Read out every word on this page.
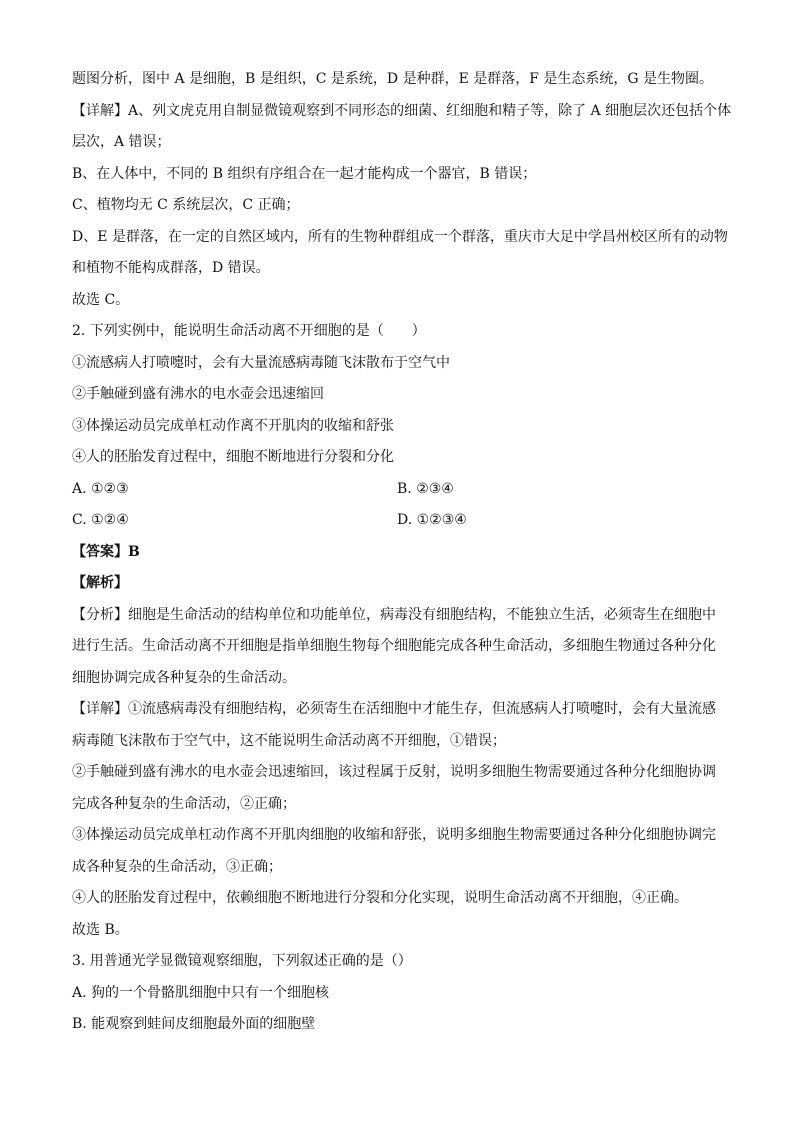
题图分析，图中 A 是细胞，B 是组织，C 是系统，D 是种群，E 是群落，F 是生态系统，G 是生物圈。
【详解】A、列文虎克用自制显微镜观察到不同形态的细菌、红细胞和精子等，除了 A 细胞层次还包括个体
层次，A 错误；
B、在人体中，不同的 B 组织有序组合在一起才能构成一个器官，B 错误；
C、植物均无 C 系统层次，C 正确；
D、E 是群落，在一定的自然区域内，所有的生物种群组成一个群落，重庆市大足中学昌州校区所有的动物
和植物不能构成群落，D 错误。
故选 C。
2. 下列实例中，能说明生命活动离不开细胞的是（　　）
①流感病人打喷嚏时，会有大量流感病毒随飞沫散布于空气中
②手触碰到盛有沸水的电水壶会迅速缩回
③体操运动员完成单杠动作离不开肌肉的收缩和舒张
④人的胚胎发育过程中，细胞不断地进行分裂和分化
A. ①②③	B. ②③④
C. ①②④	D. ①②③④
【答案】B
【解析】
【分析】细胞是生命活动的结构单位和功能单位，病毒没有细胞结构，不能独立生活，必须寄生在细胞中
进行生活。生命活动离不开细胞是指单细胞生物每个细胞能完成各种生命活动，多细胞生物通过各种分化
细胞协调完成各种复杂的生命活动。
【详解】①流感病毒没有细胞结构，必须寄生在活细胞中才能生存，但流感病人打喷嚏时，会有大量流感
病毒随飞沫散布于空气中，这不能说明生命活动离不开细胞，①错误；
②手触碰到盛有沸水的电水壶会迅速缩回，该过程属于反射，说明多细胞生物需要通过各种分化细胞协调
完成各种复杂的生命活动，②正确；
③体操运动员完成单杠动作离不开肌肉细胞的收缩和舒张，说明多细胞生物需要通过各种分化细胞协调完
成各种复杂的生命活动，③正确；
④人的胚胎发育过程中，依赖细胞不断地进行分裂和分化实现，说明生命活动离不开细胞，④正确。
故选 B。
3. 用普通光学显微镜观察细胞，下列叙述正确的是（）
A. 狗的一个骨骼肌细胞中只有一个细胞核
B. 能观察到蛙间皮细胞最外面的细胞壁
